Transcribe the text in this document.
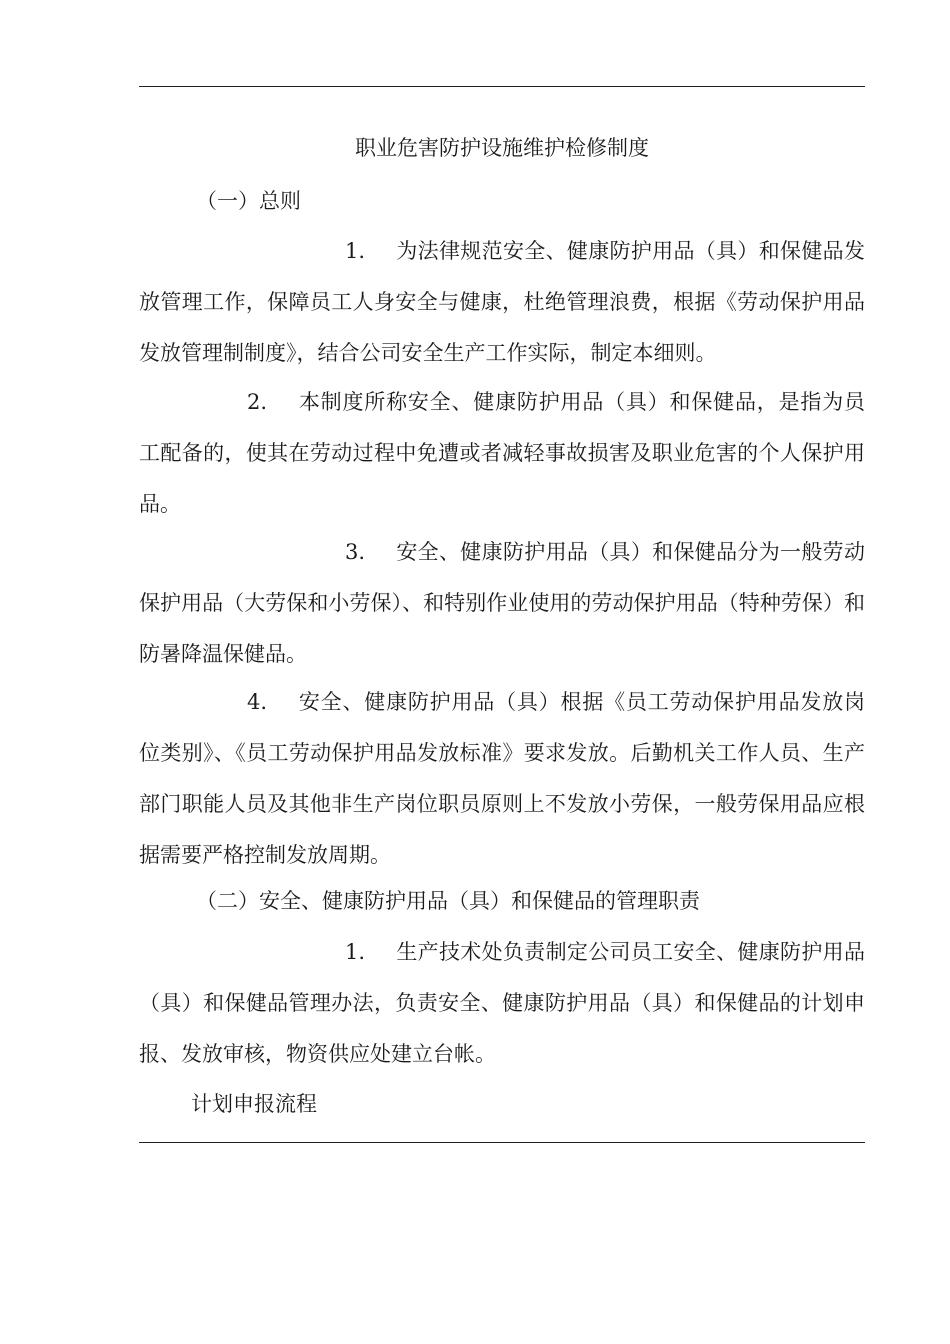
职业危害防护设施维护检修制度
（一）总则

1. 为法律规范安全、健康防护用品（具）和保健品发放管理工作，保障员工人身安全与健康，杜绝管理浪费，根据《劳动保护用品发放管理制制度》，结合公司安全生产工作实际，制定本细则。

2. 本制度所称安全、健康防护用品（具）和保健品，是指为员工配备的，使其在劳动过程中免遭或者减轻事故损害及职业危害的个人保护用品。

3. 安全、健康防护用品（具）和保健品分为一般劳动保护用品（大劳保和小劳保）、和特别作业使用的劳动保护用品（特种劳保）和防暑降温保健品。

4. 安全、健康防护用品（具）根据《员工劳动保护用品发放岗位类别》、《员工劳动保护用品发放标准》要求发放。后勤机关工作人员、生产部门职能人员及其他非生产岗位职员原则上不发放小劳保，一般劳保用品应根据需要严格控制发放周期。

（二）安全、健康防护用品（具）和保健品的管理职责

1. 生产技术处负责制定公司员工安全、健康防护用品（具）和保健品管理办法，负责安全、健康防护用品（具）和保健品的计划申报、发放审核，物资供应处建立台帐。

计划申报流程
